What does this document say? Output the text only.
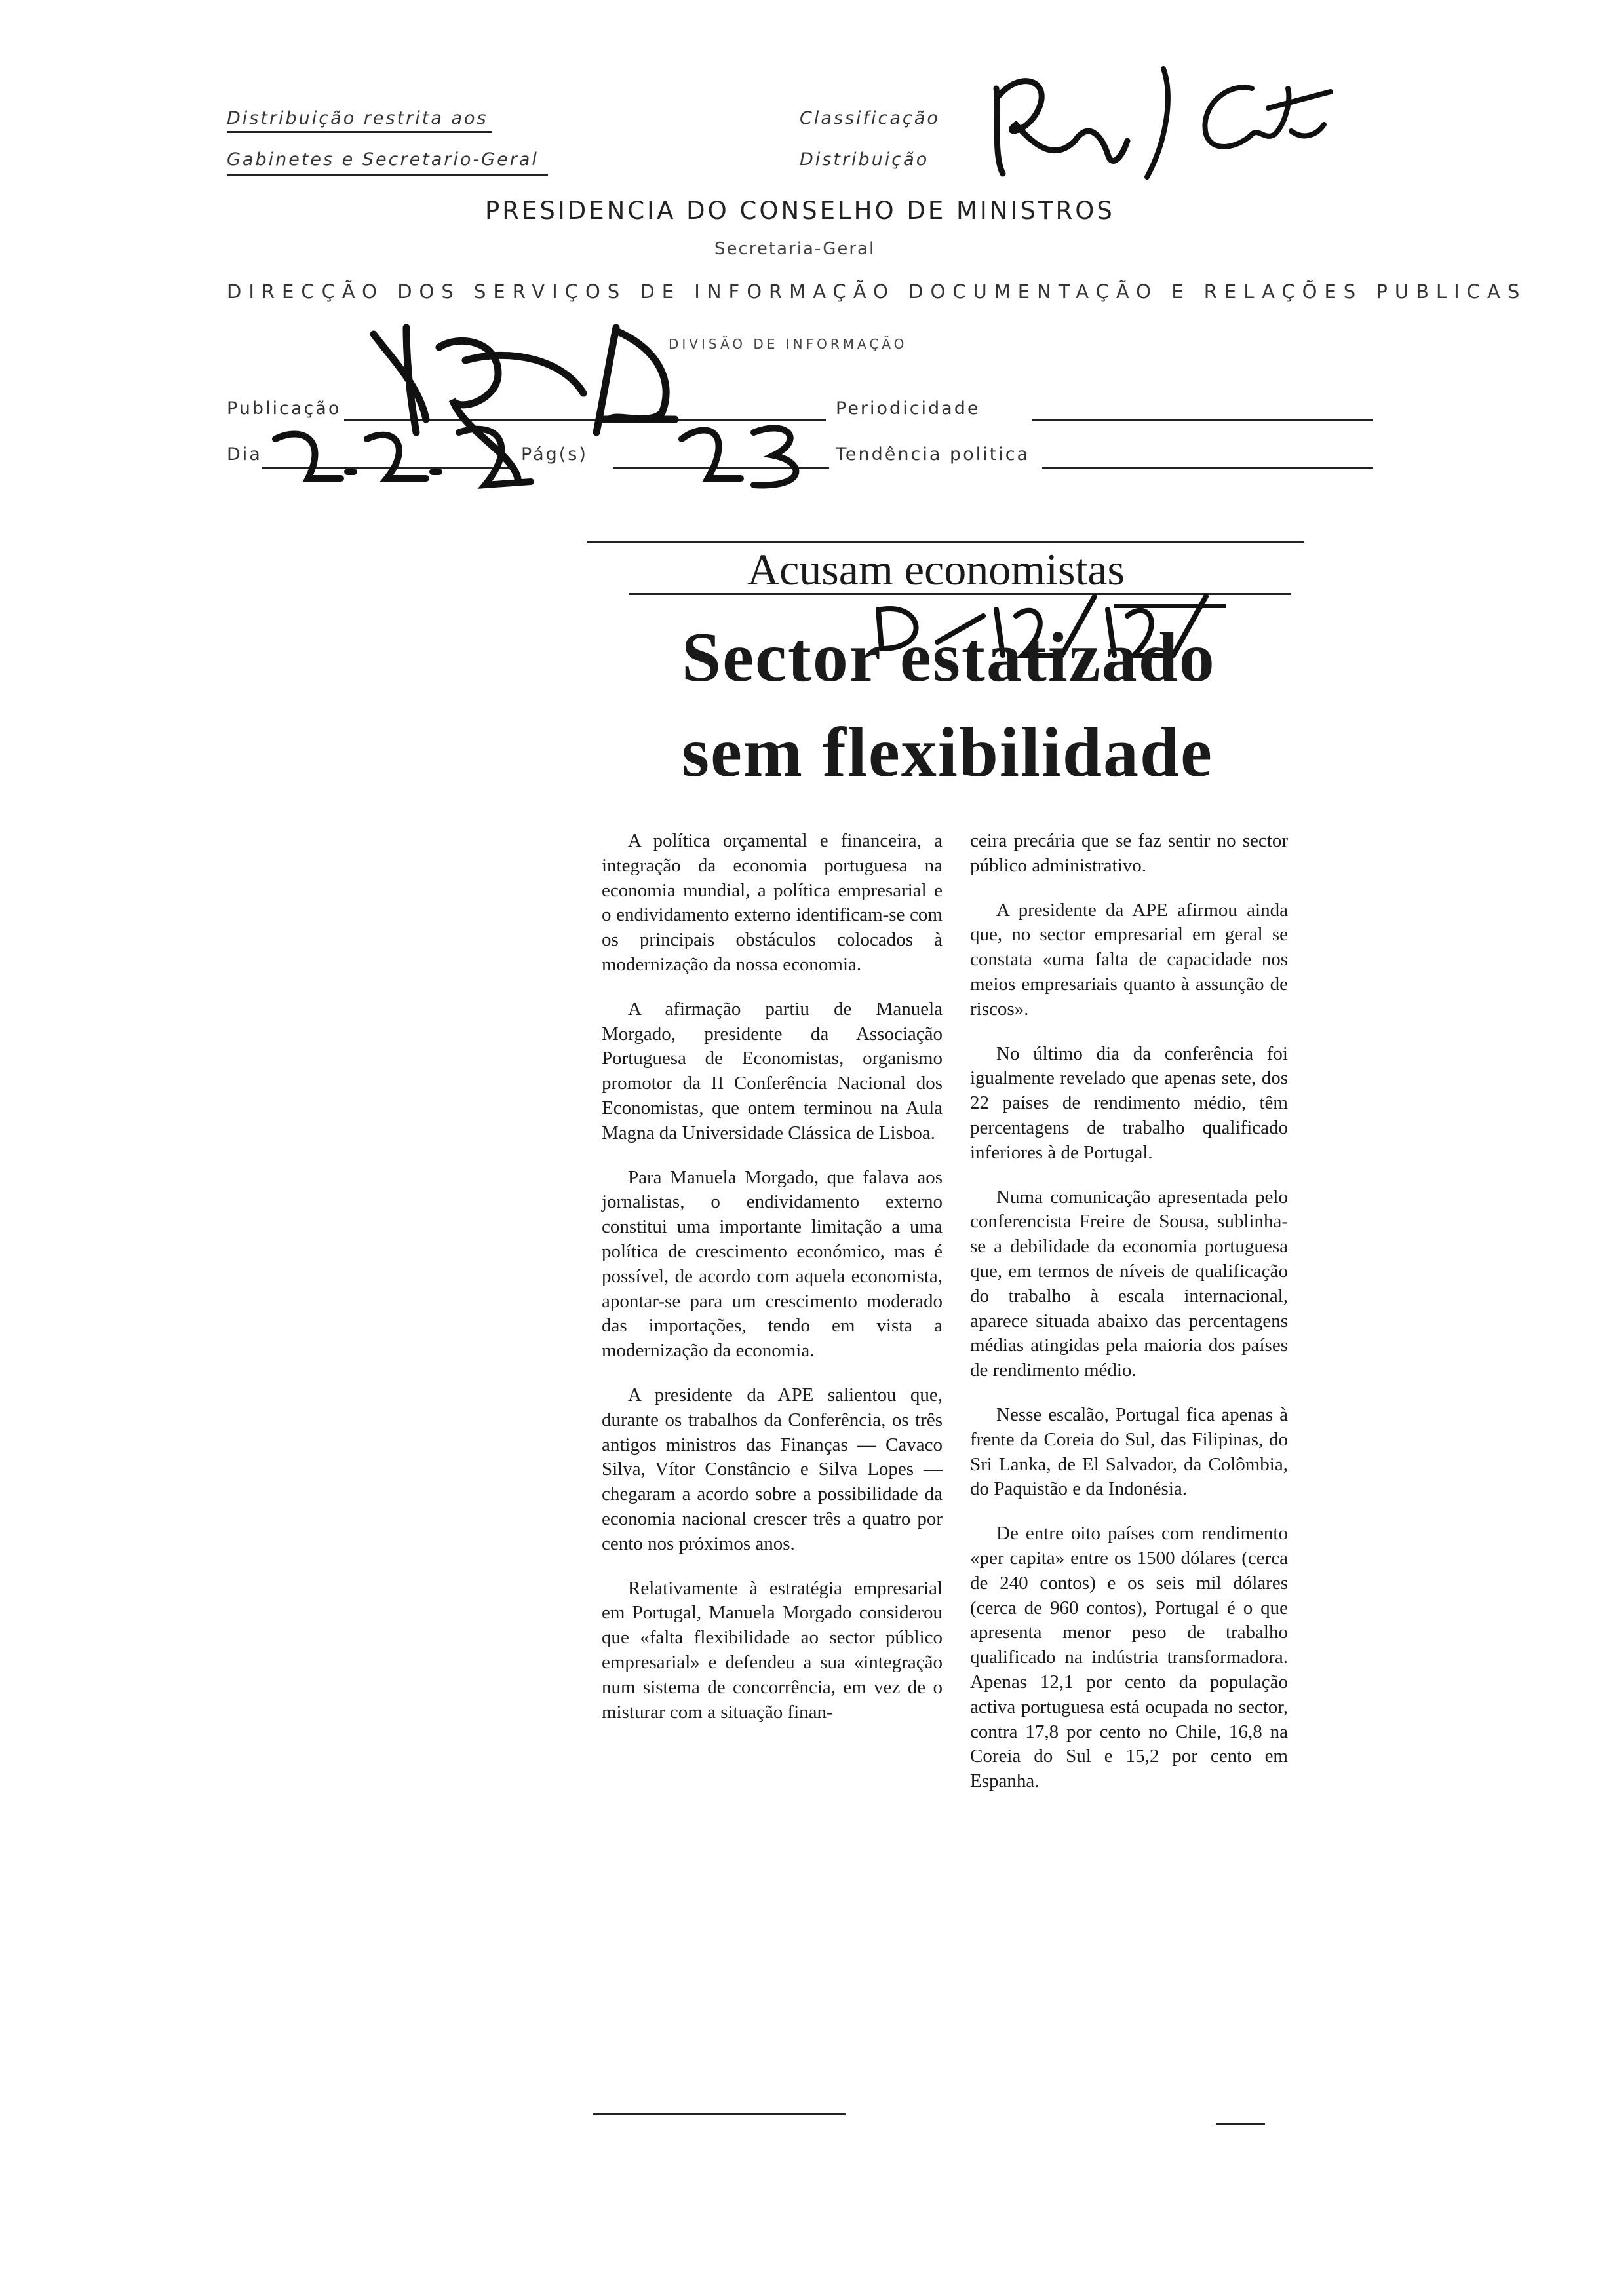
Distribuição restrita aos
Gabinetes e Secretario-Geral
Classificação
Distribuição
PRESIDENCIA DO CONSELHO DE MINISTROS
Secretaria-Geral
DIRECÇÃO DOS SERVIÇOS DE INFORMAÇÃO DOCUMENTAÇÃO E RELAÇÕES PUBLICAS
DIVISÃO DE INFORMAÇÃO
Publicação	Periodicidade
Dia	Pág(s)	Tendência politica
Acusam economistas
Sector estatizado
sem flexibilidade

A política orçamental e financeira, a integração da economia portuguesa na economia mundial, a política empresarial e o endividamento externo identificam-se com os principais obstáculos colocados à modernização da nossa economia.

A afirmação partiu de Manuela Morgado, presidente da Associação Portuguesa de Economistas, organismo promotor da II Conferência Nacional dos Economistas, que ontem terminou na Aula Magna da Universidade Clássica de Lisboa.

Para Manuela Morgado, que falava aos jornalistas, o endividamento externo constitui uma importante limitação a uma política de crescimento económico, mas é possível, de acordo com aquela economista, apontar-se para um crescimento moderado das importações, tendo em vista a modernização da economia.

A presidente da APE salientou que, durante os trabalhos da Conferência, os três antigos ministros das Finanças — Cavaco Silva, Vítor Constâncio e Silva Lopes — chegaram a acordo sobre a possibilidade da economia nacional crescer três a quatro por cento nos próximos anos.

Relativamente à estratégia empresarial em Portugal, Manuela Morgado considerou que «falta flexibilidade ao sector público empresarial» e defendeu a sua «integração num sistema de concorrência, em vez de o misturar com a situação finan-

ceira precária que se faz sentir no sector público administrativo.

A presidente da APE afirmou ainda que, no sector empresarial em geral se constata «uma falta de capacidade nos meios empresariais quanto à assunção de riscos».

No último dia da conferência foi igualmente revelado que apenas sete, dos 22 países de rendimento médio, têm percentagens de trabalho qualificado inferiores à de Portugal.

Numa comunicação apresentada pelo conferencista Freire de Sousa, sublinha-se a debilidade da economia portuguesa que, em termos de níveis de qualificação do trabalho à escala internacional, aparece situada abaixo das percentagens médias atingidas pela maioria dos países de rendimento médio.

Nesse escalão, Portugal fica apenas à frente da Coreia do Sul, das Filipinas, do Sri Lanka, de El Salvador, da Colômbia, do Paquistão e da Indonésia.

De entre oito países com rendimento «per capita» entre os 1500 dólares (cerca de 240 contos) e os seis mil dólares (cerca de 960 contos), Portugal é o que apresenta menor peso de trabalho qualificado na indústria transformadora. Apenas 12,1 por cento da população activa portuguesa está ocupada no sector, contra 17,8 por cento no Chile, 16,8 na Coreia do Sul e 15,2 por cento em Espanha.
